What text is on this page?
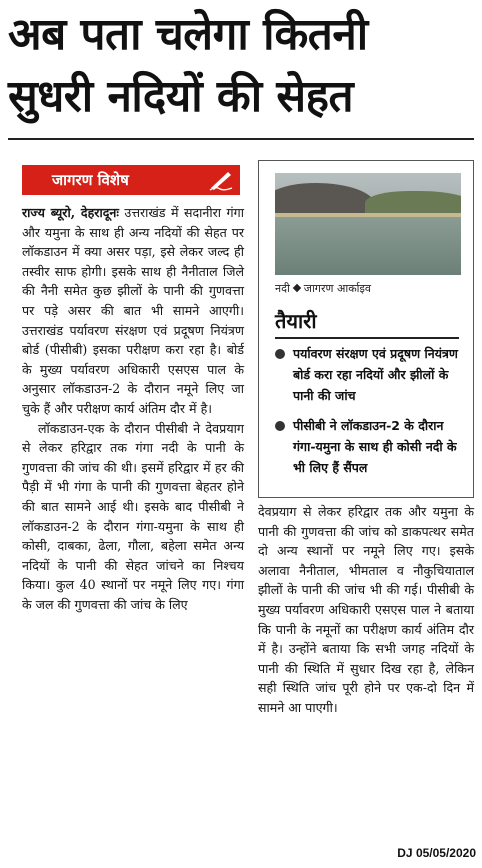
अब पता चलेगा कितनी
सुधरी नदियों की सेहत
जागरण विशेष

राज्य ब्यूरो, देहरादूनः उत्तराखंड में सदानीरा गंगा और यमुना के साथ ही अन्य नदियों की सेहत पर लॉकडाउन में क्या असर पड़ा, इसे लेकर जल्द ही तस्वीर साफ होगी। इसके साथ ही नैनीताल जिले की नैनी समेत कुछ झीलों के पानी की गुणवत्ता पर पड़े असर की बात भी सामने आएगी। उत्तराखंड पर्यावरण संरक्षण एवं प्रदूषण नियंत्रण बोर्ड (पीसीबी) इसका परीक्षण करा रहा है। बोर्ड के मुख्य पर्यावरण अधिकारी एसएस पाल के अनुसार लॉकडाउन-2 के दौरान नमूने लिए जा चुके हैं और परीक्षण कार्य अंतिम दौर में है।

लॉकडाउन-एक के दौरान पीसीबी ने देवप्रयाग से लेकर हरिद्वार तक गंगा नदी के पानी के गुणवत्ता की जांच की थी। इसमें हरिद्वार में हर की पैड़ी में भी गंगा के पानी की गुणवत्ता बेहतर होने की बात सामने आई थी। इसके बाद पीसीबी ने लॉकडाउन-2 के दौरान गंगा-यमुना के साथ ही कोसी, दाबका, ढेला, गौला, बहेला समेत अन्य नदियों के पानी की सेहत जांचने का निश्चय किया। कुल 40 स्थानों पर नमूने लिए गए। गंगा के जल की गुणवत्ता की जांच के लिए

नदी जागरण आर्काइव
तैयारी
पर्यावरण संरक्षण एवं प्रदूषण नियंत्रण बोर्ड करा रहा नदियों और झीलों के पानी की जांच
पीसीबी ने लॉकडाउन-2 के दौरान गंगा-यमुना के साथ ही कोसी नदी के भी लिए हैं सैंपल

देवप्रयाग से लेकर हरिद्वार तक और यमुना के पानी की गुणवत्ता की जांच को डाकपत्थर समेत दो अन्य स्थानों पर नमूने लिए गए। इसके अलावा नैनीताल, भीमताल व नौकुचियाताल झीलों के पानी की जांच भी की गई। पीसीबी के मुख्य पर्यावरण अधिकारी एसएस पाल ने बताया कि पानी के नमूनों का परीक्षण कार्य अंतिम दौर में है। उन्होंने बताया कि सभी जगह नदियों के पानी की स्थिति में सुधार दिख रहा है, लेकिन सही स्थिति जांच पूरी होने पर एक-दो दिन में सामने आ पाएगी।

DJ 05/05/2020
